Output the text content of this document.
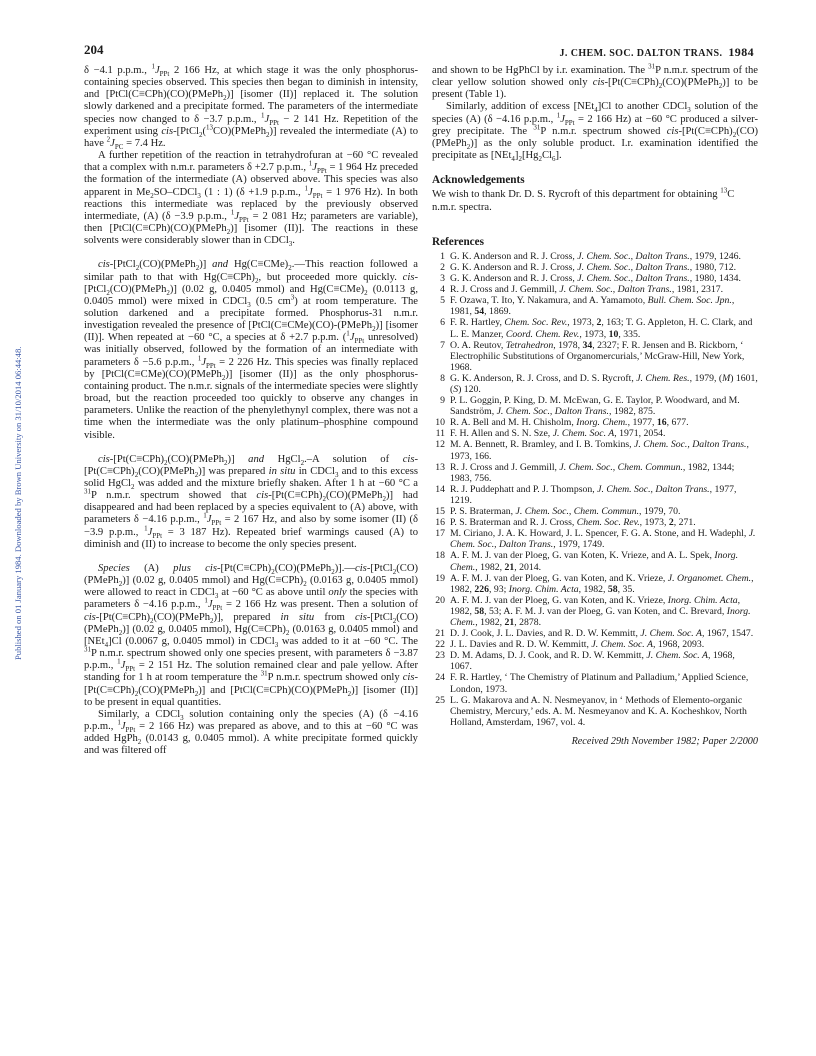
Published on 01 January 1984. Downloaded by Brown University on 31/10/2014 06:44:48.
204	J. CHEM. SOC. DALTON TRANS. 1984

δ −4.1 p.p.m., $^1J_{PPt}$ 2 166 Hz, at which stage it was the only phosphorus-containing species observed. This species then began to diminish in intensity, and [PtCl(C≡CPh)(CO)(PMePh$_2$)] [isomer (II)] replaced it. The solution slowly darkened and a precipitate formed. The parameters of the intermediate species now changed to δ −3.7 p.p.m., $^1J_{PPt} - 2$ 141 Hz. Repetition of the experiment using cis-[PtCl$_2$($^{13}$CO)(PMePh$_2$)] revealed the intermediate (A) to have $^2J_{PC} = 7.4$ Hz.

A further repetition of the reaction in tetrahydrofuran at −60 °C revealed that a complex with n.m.r. parameters δ +2.7 p.p.m., $^1J_{PPt} = 1$ 964 Hz preceded the formation of the intermediate (A) observed above. This species was also apparent in $Me_2SO-CDCl_3$ (1 : 1) (δ +1.9 p.p.m., $^1J_{PPt} = 1$ 976 Hz). In both reactions this intermediate was replaced by the previously observed intermediate, (A) (δ −3.9 p.p.m., $^1J_{PPt} = 2$ 081 Hz; parameters are variable), then [PtCl(C≡CPh)(CO)(PMePh$_2$)] [isomer (II)]. The reactions in these solvents were considerably slower than in CDCl$_3$.

cis-[PtCl$_2$(CO)(PMePh$_2$)] and $Hg(C\equiv CMe)_2.—This$ reaction followed a similar path to that with $Hg(C\equiv CPh)_2$, but proceeded more quickly. cis-[PtCl$_2$(CO)(PMePh$_2$)] (0.02 g, 0.0405 mmol) and $Hg(C\equiv CMe)_2$ (0.0113 g, 0.0405 mmol) were mixed in CDCl$_3$ (0.5 $cm^3$) at room temperature. The solution darkened and a precipitate formed. Phosphorus-31 n.m.r. investigation revealed the presence of [PtCl(C≡CMe)(CO)-(PMePh$_2$)] [isomer (II)]. When repeated at −60 °C, a species at δ +2.7 p.p.m. ($^1J_{PPt}$ unresolved) was initially observed, followed by the formation of an intermediate with parameters δ −5.6 p.p.m., $^1J_{PPt} = 2$ 226 Hz. This species was finally replaced by [PtCl(C≡CMe)(CO)(PMePh$_2$)] [isomer (II)] as the only phosphorus-containing product. The n.m.r. signals of the intermediate species were slightly broad, but the reaction proceeded too quickly to observe any changes in parameters. Unlike the reaction of the phenylethynyl complex, there was not a time when the intermediate was the only platinum–phosphine compound visible.

cis-$[Pt(C\equiv CPh)_2(CO)(PMePh_2)]$ and HgCl$_2$.–A solution of cis-$[Pt(C\equiv CPh)_2(CO)(PMePh_2)]$ was prepared in situ in CDCl$_3$ and to this excess solid HgCl$_2$ was added and the mixture briefly shaken. After 1 h at −60 °C a $^{31}$P n.m.r. spectrum showed that cis-$[Pt(C\equiv CPh)_2(CO)(PMePh_2)]$ had disappeared and had been replaced by a species equivalent to (A) above, with parameters δ −4.16 p.p.m., $^1J_{PPt} = 2$ 167 Hz, and also by some isomer (II) (δ −3.9 p.p.m., $^1J_{PPt} = 3$ 187 Hz). Repeated brief warmings caused (A) to diminish and (II) to increase to become the only species present.

Species (A) plus cis-$[Pt(C\equiv CPh)_2(CO)(PMePh_2)].—cis-[PtCl_2(CO)(PMePh_2)]$ (0.02 g, 0.0405 mmol) and $Hg(C\equiv CPh)_2$ (0.0163 g, 0.0405 mmol) were allowed to react in CDCl$_3$ at −60 °C as above until only the species with parameters δ −4.16 p.p.m., $^1J_{PPt} = 2$ 166 Hz was present. Then a solution of cis-$[Pt(C\equiv CPh)_2(CO)(PMePh_2)]$, prepared in situ from cis-[PtCl$_2$(CO)(PMePh$_2$)] (0.02 g, 0.0405 mmol), $Hg(C\equiv CPh)_2$ (0.0163 g, 0.0405 mmol) and [NEt$_4$]Cl (0.0067 g, 0.0405 mmol) in CDCl$_3$ was added to it at −60 °C. The $^{31}$P n.m.r. spectrum showed only one species present, with parameters δ −3.87 p.p.m., $^1J_{PPt} = 2$ 151 Hz. The solution remained clear and pale yellow. After standing for 1 h at room temperature the $^{31}$P n.m.r. spectrum showed only cis-$[Pt(C\equiv CPh)_2(CO)(PMePh_2)]$ and [PtCl(C≡CPh)(CO)(PMePh$_2$)] [isomer (II)] to be present in equal quantities.

Similarly, a CDCl$_3$ solution containing only the species (A) (δ −4.16 p.p.m., $^1J_{PPt} = 2$ 166 Hz) was prepared as above, and to this at −60 °C was added HgPh$_2$ (0.0143 g, 0.0405 mmol). A white precipitate formed quickly and was filtered off

and shown to be HgPhCl by i.r. examination. The $^{31}$P n.m.r. spectrum of the clear yellow solution showed only cis-$[Pt(C\equiv CPh)_2(CO)(PMePh_2)]$ to be present (Table 1).

Similarly, addition of excess [NEt$_4$]Cl to another CDCl$_3$ solution of the species (A) (δ −4.16 p.p.m., $^1J_{PPt} = 2$ 166 Hz) at −60 °C produced a silver-grey precipitate. The $^{31}$P n.m.r. spectrum showed cis-$[Pt(C\equiv CPh)_2(CO)(PMePh_2)]$ as the only soluble product. I.r. examination identified the precipitate as $[NEt_4]_2[Hg_2Cl_6]$.

Acknowledgements

We wish to thank Dr. D. S. Rycroft of this department for obtaining $^{13}$C n.m.r. spectra.

References
1 G. K. Anderson and R. J. Cross, J. Chem. Soc., Dalton Trans., 1979, 1246.
2 G. K. Anderson and R. J. Cross, J. Chem. Soc., Dalton Trans., 1980, 712.
3 G. K. Anderson and R. J. Cross, J. Chem. Soc., Dalton Trans., 1980, 1434.
4 R. J. Cross and J. Gemmill, J. Chem. Soc., Dalton Trans., 1981, 2317.
5 F. Ozawa, T. Ito, Y. Nakamura, and A. Yamamoto, Bull. Chem. Soc. Jpn., 1981, 54, 1869.
6 F. R. Hartley, Chem. Soc. Rev., 1973, 2, 163; T. G. Appleton, H. C. Clark, and L. E. Manzer, Coord. Chem. Rev., 1973, 10, 335.
7 O. A. Reutov, Tetrahedron, 1978, 34, 2327; F. R. Jensen and B. Rickborn, ‘ Electrophilic Substitutions of Organomercurials,’ McGraw-Hill, New York, 1968.
8 G. K. Anderson, R. J. Cross, and D. S. Rycroft, J. Chem. Res., 1979, (M) 1601, (S) 120.
9 P. L. Goggin, P. King, D. M. McEwan, G. E. Taylor, P. Woodward, and M. Sandström, J. Chem. Soc., Dalton Trans., 1982, 875.
10 R. A. Bell and M. H. Chisholm, Inorg. Chem., 1977, 16, 677.
11 F. H. Allen and S. N. Sze, J. Chem. Soc. A, 1971, 2054.
12 M. A. Bennett, R. Bramley, and I. B. Tomkins, J. Chem. Soc., Dalton Trans., 1973, 166.
13 R. J. Cross and J. Gemmill, J. Chem. Soc., Chem. Commun., 1982, 1344; 1983, 756.
14 R. J. Puddephatt and P. J. Thompson, J. Chem. Soc., Dalton Trans., 1977, 1219.
15 P. S. Braterman, J. Chem. Soc., Chem. Commun., 1979, 70.
16 P. S. Braterman and R. J. Cross, Chem. Soc. Rev., 1973, 2, 271.
17 M. Ciriano, J. A. K. Howard, J. L. Spencer, F. G. A. Stone, and H. Wadephl, J. Chem. Soc., Dalton Trans., 1979, 1749.
18 A. F. M. J. van der Ploeg, G. van Koten, K. Vrieze, and A. L. Spek, Inorg. Chem., 1982, 21, 2014.
19 A. F. M. J. van der Ploeg, G. van Koten, and K. Vrieze, J. Organomet. Chem., 1982, 226, 93; Inorg. Chim. Acta, 1982, 58, 35.
20 A. F. M. J. van der Ploeg, G. van Koten, and K. Vrieze, Inorg. Chim. Acta, 1982, 58, 53; A. F. M. J. van der Ploeg, G. van Koten, and C. Brevard, Inorg. Chem., 1982, 21, 2878.
21 D. J. Cook, J. L. Davies, and R. D. W. Kemmitt, J. Chem. Soc. A, 1967, 1547.
22 J. L. Davies and R. D. W. Kemmitt, J. Chem. Soc. A, 1968, 2093.
23 D. M. Adams, D. J. Cook, and R. D. W. Kemmitt, J. Chem. Soc. A, 1968, 1067.
24 F. R. Hartley, ‘ The Chemistry of Platinum and Palladium,’ Applied Science, London, 1973.
25 L. G. Makarova and A. N. Nesmeyanov, in ‘ Methods of Elemento-organic Chemistry, Mercury,’ eds. A. M. Nesmeyanov and K. A. Kocheshkov, North Holland, Amsterdam, 1967, vol. 4.
Received 29th November 1982; Paper 2/2000
